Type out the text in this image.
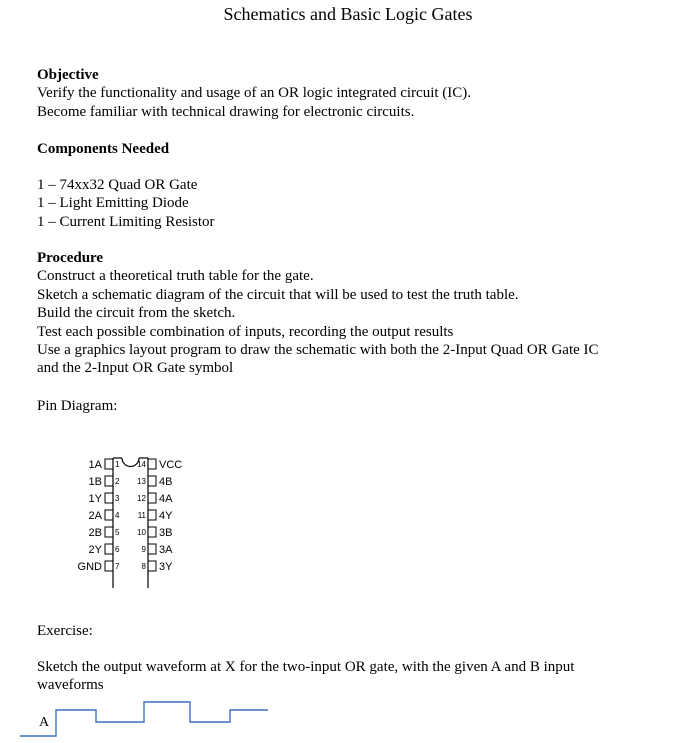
Schematics and Basic Logic Gates
Objective
Verify the functionality and usage of an OR logic integrated circuit (IC).
Become familiar with technical drawing for electronic circuits.
Components Needed
1 – 74xx32 Quad OR Gate
1 – Light Emitting Diode
1 – Current Limiting Resistor
Procedure
Construct a theoretical truth table for the gate.
Sketch a schematic diagram of the circuit that will be used to test the truth table.
Build the circuit from the sketch.
Test each possible combination of inputs, recording the output results
Use a graphics layout program to draw the schematic with both the 2-Input Quad OR Gate IC
and the 2-Input OR Gate symbol
Pin Diagram:
1A 1
1B 2
1Y 3
2A 4
2B 5
2Y 6
GND 7
14 VCC
13 4B
12 4A
11 4Y
10 3B
9 3A
8 3Y
Exercise:
Sketch the output waveform at X for the two-input OR gate, with the given A and B input
waveforms
A
